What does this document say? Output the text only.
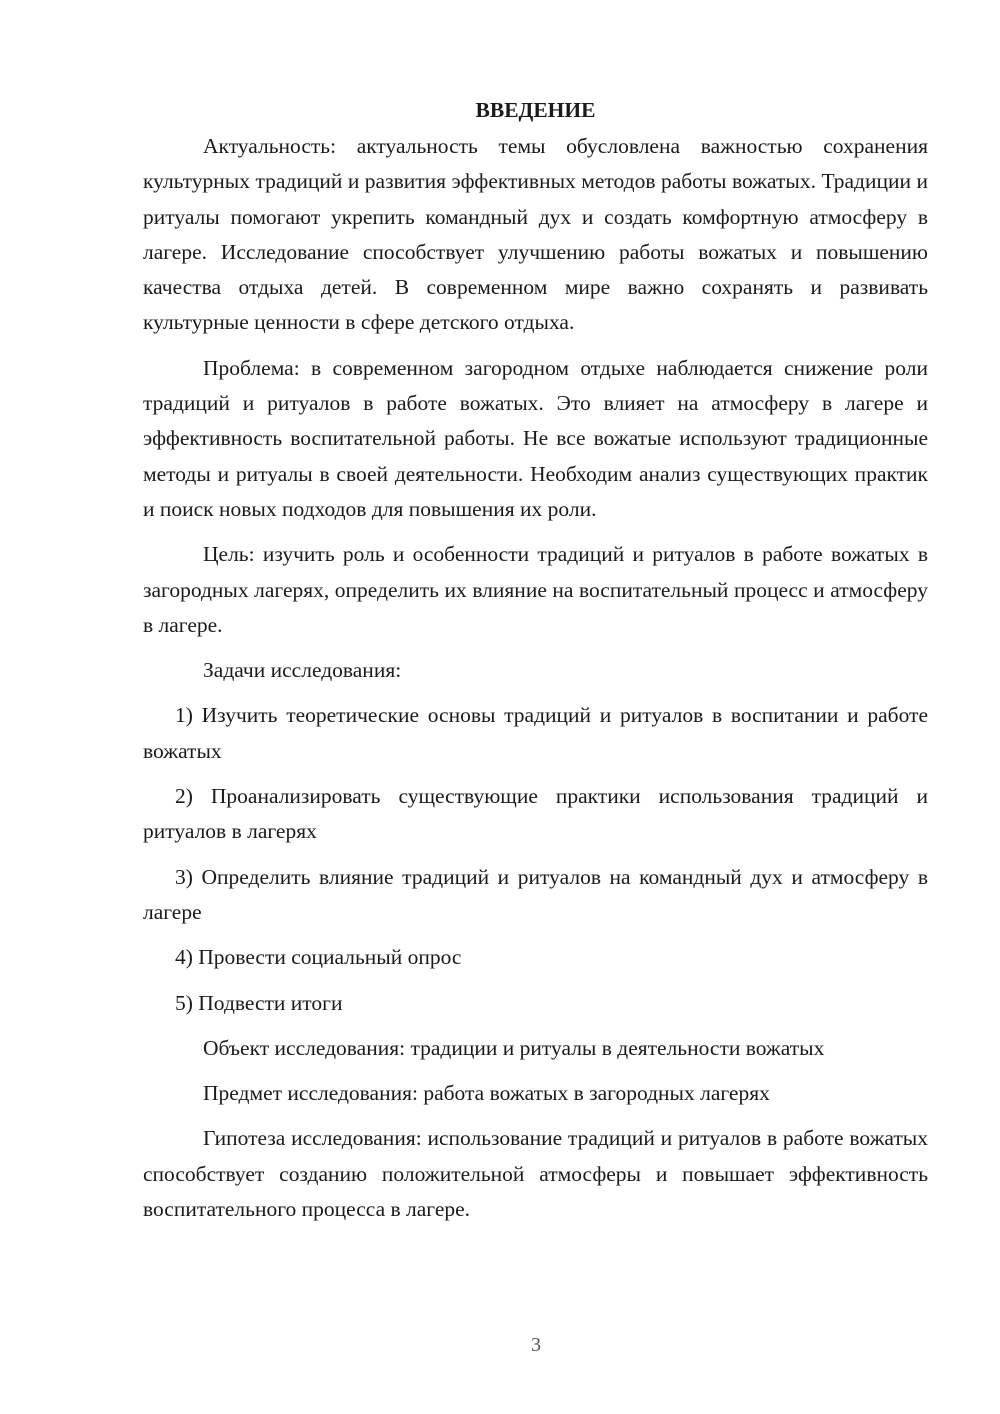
ВВЕДЕНИЕ

Актуальность: актуальность темы обусловлена важностью сохранения культурных традиций и развития эффективных методов работы вожатых. Традиции и ритуалы помогают укрепить командный дух и создать комфортную атмосферу в лагере. Исследование способствует улучшению работы вожатых и повышению качества отдыха детей. В современном мире важно сохранять и развивать культурные ценности в сфере детского отдыха.

Проблема: в современном загородном отдыхе наблюдается снижение роли традиций и ритуалов в работе вожатых. Это влияет на атмосферу в лагере и эффективность воспитательной работы. Не все вожатые используют традиционные методы и ритуалы в своей деятельности. Необходим анализ существующих практик и поиск новых подходов для повышения их роли.

Цель: изучить роль и особенности традиций и ритуалов в работе вожатых в загородных лагерях, определить их влияние на воспитательный процесс и атмосферу в лагере.

Задачи исследования:

1) Изучить теоретические основы традиций и ритуалов в воспитании и работе вожатых

2) Проанализировать существующие практики использования традиций и ритуалов в лагерях

3) Определить влияние традиций и ритуалов на командный дух и атмосферу в лагере

4) Провести социальный опрос

5) Подвести итоги

Объект исследования: традиции и ритуалы в деятельности вожатых

Предмет исследования: работа вожатых в загородных лагерях

Гипотеза исследования: использование традиций и ритуалов в работе вожатых способствует созданию положительной атмосферы и повышает эффективность воспитательного процесса в лагере.

3
